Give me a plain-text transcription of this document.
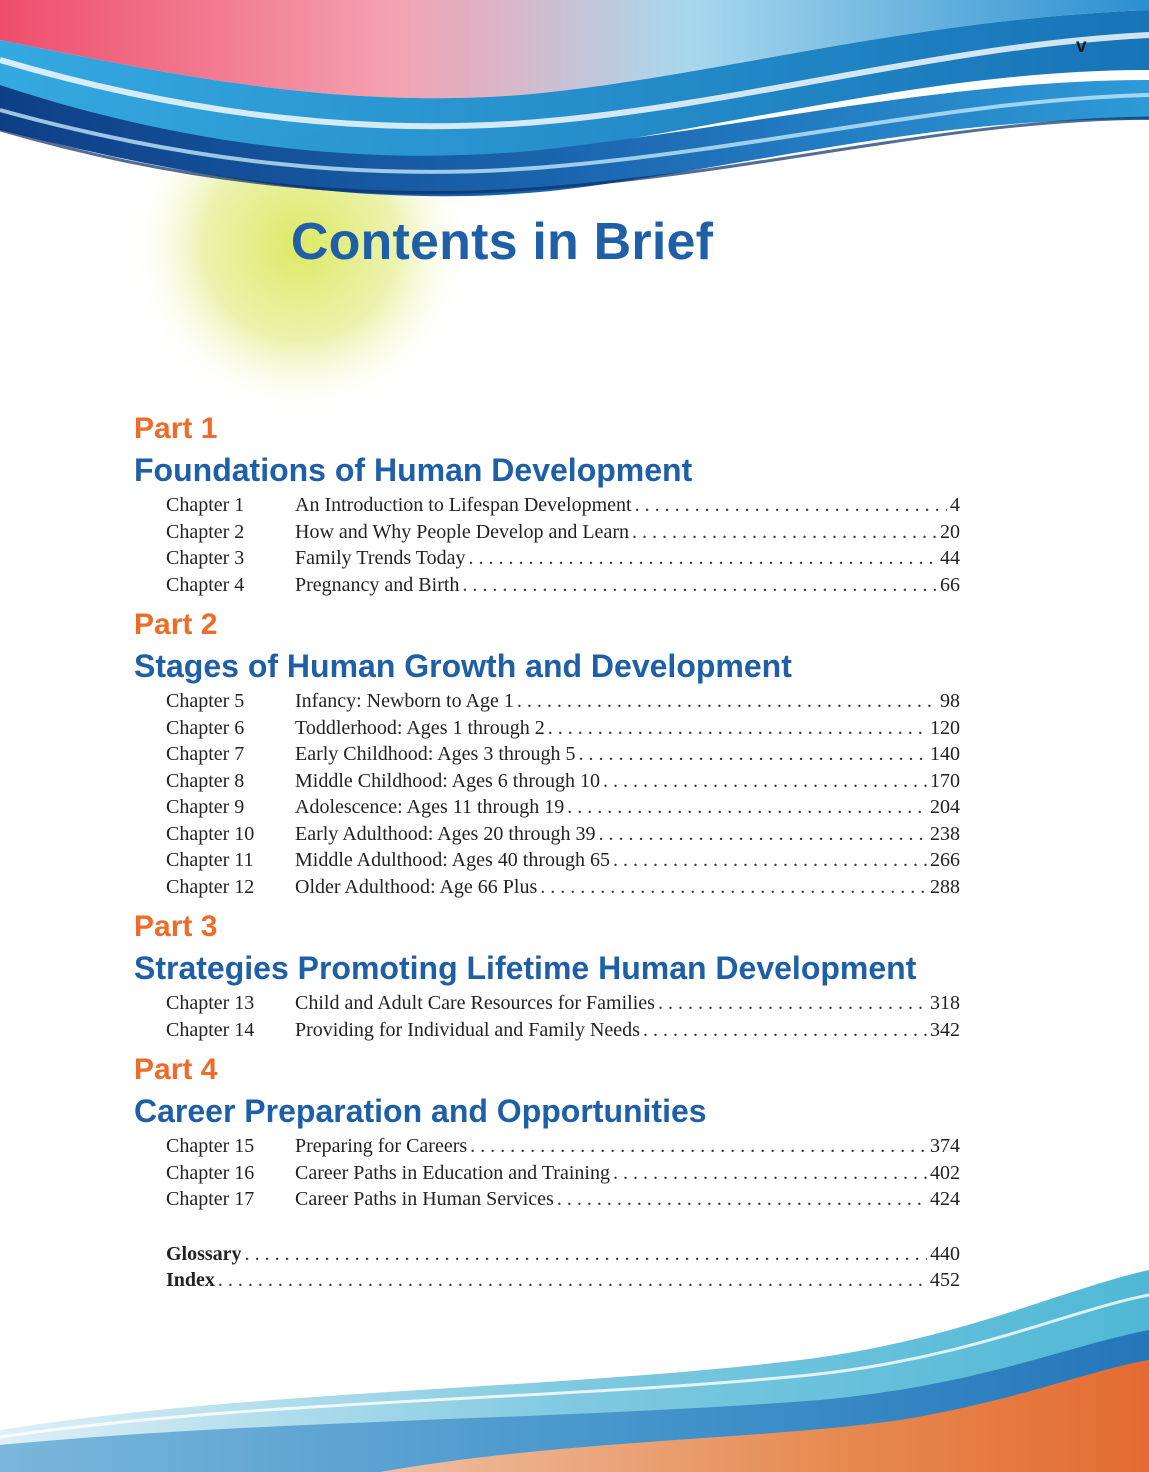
v
Contents in Brief
Part 1
Foundations of Human Development
Chapter 1	An Introduction to Lifespan Development . . .	4
Chapter 2	How and Why People Develop and Learn . . .	20
Chapter 3	Family Trends Today . . .	44
Chapter 4	Pregnancy and Birth . . .	66
Part 2
Stages of Human Growth and Development
Chapter 5	Infancy: Newborn to Age 1 . . .	98
Chapter 6	Toddlerhood: Ages 1 through 2 . . .	120
Chapter 7	Early Childhood: Ages 3 through 5 . . .	140
Chapter 8	Middle Childhood: Ages 6 through 10 . . .	170
Chapter 9	Adolescence: Ages 11 through 19 . . .	204
Chapter 10	Early Adulthood: Ages 20 through 39 . . .	238
Chapter 11	Middle Adulthood: Ages 40 through 65 . . .	266
Chapter 12	Older Adulthood: Age 66 Plus . . .	288
Part 3
Strategies Promoting Lifetime Human Development
Chapter 13	Child and Adult Care Resources for Families . . .	318
Chapter 14	Providing for Individual and Family Needs . . .	342
Part 4
Career Preparation and Opportunities
Chapter 15	Preparing for Careers . . .	374
Chapter 16	Career Paths in Education and Training . . .	402
Chapter 17	Career Paths in Human Services . . .	424
Glossary . . .	440
Index . . .	452
